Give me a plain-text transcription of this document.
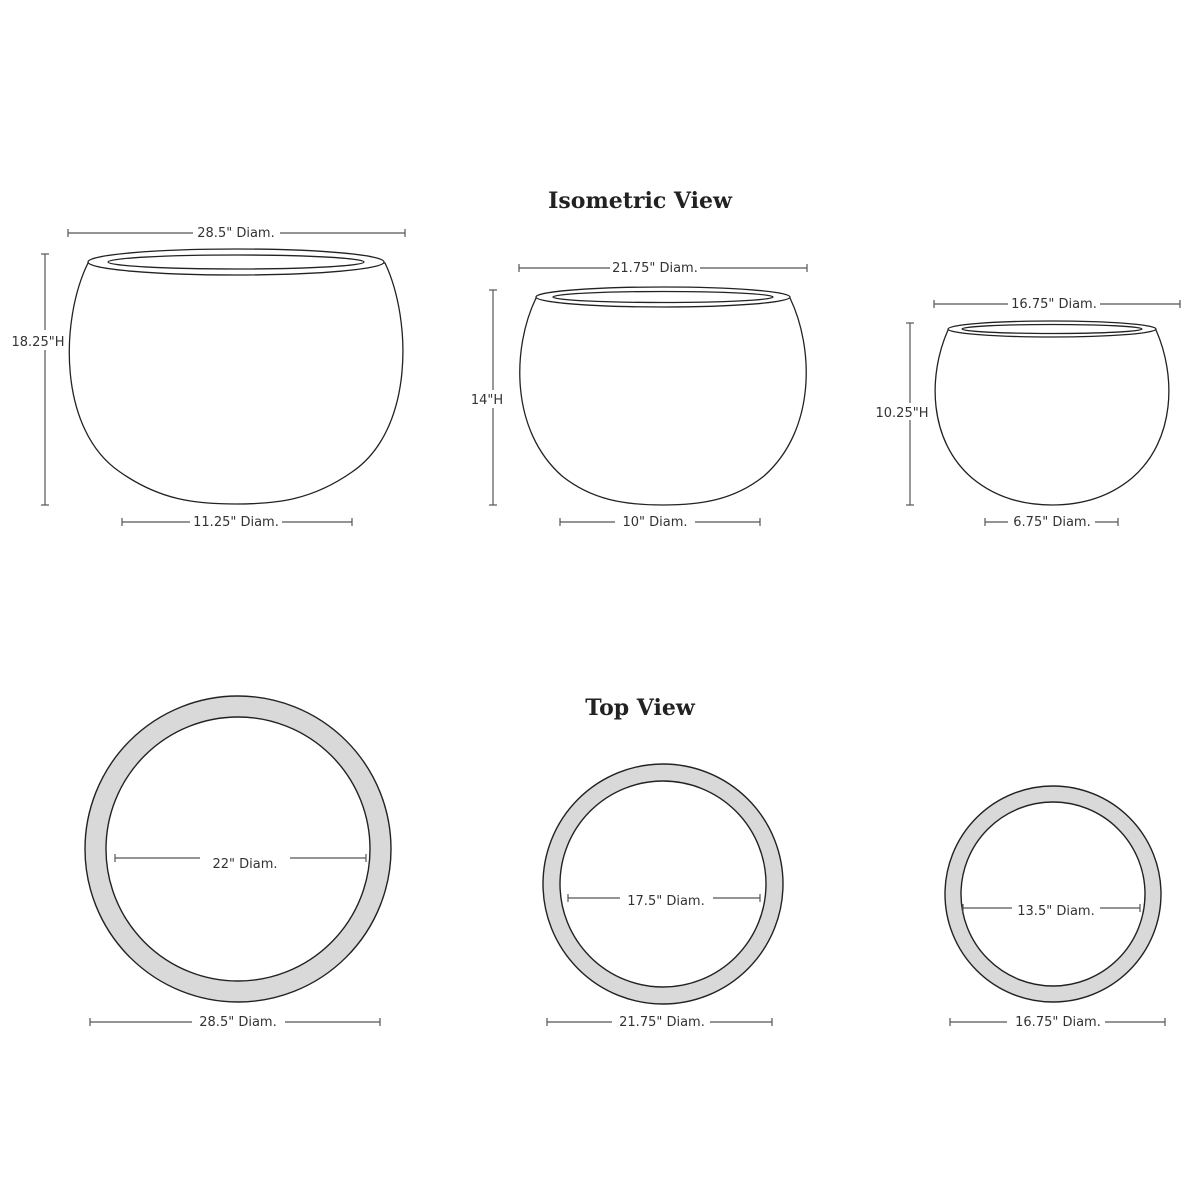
Isometric View
28.5" Diam.
18.25"H
11.25" Diam.
21.75" Diam.
14"H
10" Diam.
16.75" Diam.
10.25"H
6.75" Diam.
Top View
22" Diam.
28.5" Diam.
17.5" Diam.
21.75" Diam.
13.5" Diam.
16.75" Diam.
